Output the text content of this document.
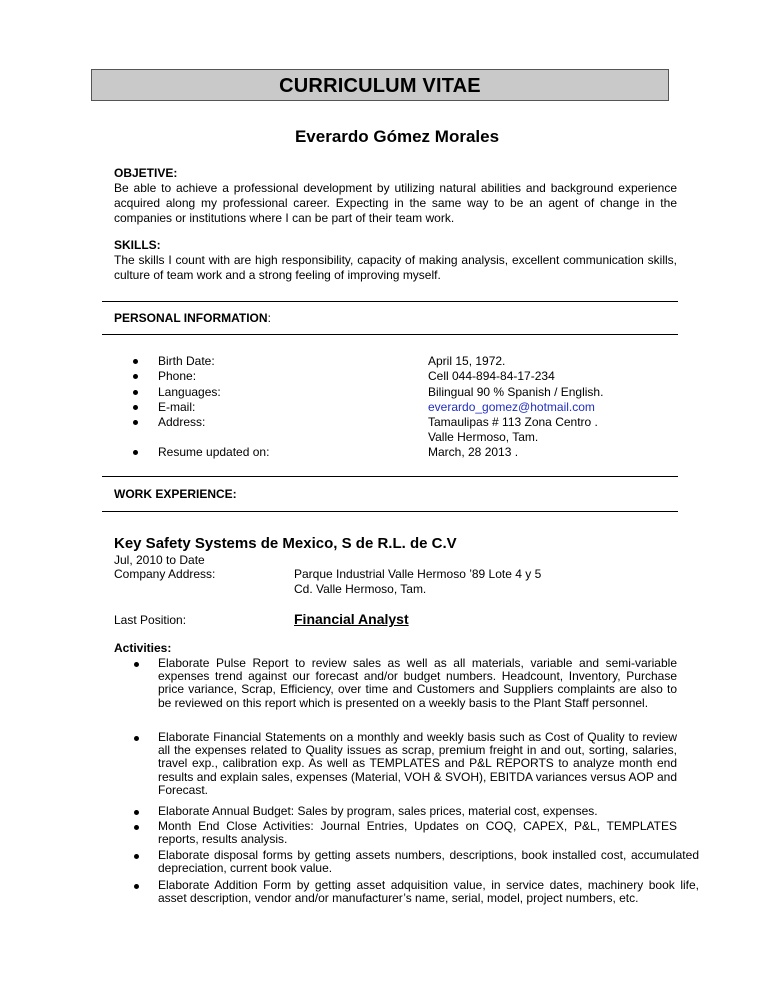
CURRICULUM VITAE
Everardo Gómez Morales
OBJETIVE:
Be able to achieve a professional development by utilizing natural abilities and background experience acquired along my professional career. Expecting in the same way to be an agent of change in the companies or institutions where I can be part of their team work.
SKILLS:
The skills I count with are high responsibility, capacity of making analysis, excellent communication skills, culture of team work and a strong feeling of improving myself.
PERSONAL INFORMATION:
Birth Date:	April 15, 1972.
Phone:	Cell 044-894-84-17-234
Languages:	Bilingual 90 % Spanish / English.
E-mail:	everardo_gomez@hotmail.com
Address:	Tamaulipas # 113 Zona Centro .
Valle Hermoso, Tam.
Resume updated on:	March, 28 2013 .
WORK EXPERIENCE:
Key Safety Systems de Mexico, S de R.L. de C.V
Jul, 2010 to Date
Company Address:	Parque Industrial Valle Hermoso ’89 Lote 4 y 5
Cd. Valle Hermoso, Tam.
Last Position:	Financial Analyst
Activities:
Elaborate Pulse Report to review sales as well as all materials, variable and semi-variable expenses trend against our forecast and/or budget numbers. Headcount, Inventory, Purchase price variance, Scrap, Efficiency, over time and Customers and Suppliers complaints are also to be reviewed on this report which is presented on a weekly basis to the Plant Staff personnel.
Elaborate Financial Statements on a monthly and weekly basis such as Cost of Quality to review all the expenses related to Quality issues as scrap, premium freight in and out, sorting, salaries, travel exp., calibration exp. As well as TEMPLATES and P&L REPORTS to analyze month end results and explain sales, expenses (Material, VOH & SVOH), EBITDA variances versus AOP and Forecast.
Elaborate Annual Budget: Sales by program, sales prices, material cost, expenses.
Month End Close Activities: Journal Entries, Updates on COQ, CAPEX, P&L, TEMPLATES reports, results analysis.
Elaborate disposal forms by getting assets numbers, descriptions, book installed cost, accumulated depreciation, current book value.
Elaborate Addition Form by getting asset adquisition value, in service dates, machinery book life, asset description, vendor and/or manufacturer’s name, serial, model, project numbers, etc.
